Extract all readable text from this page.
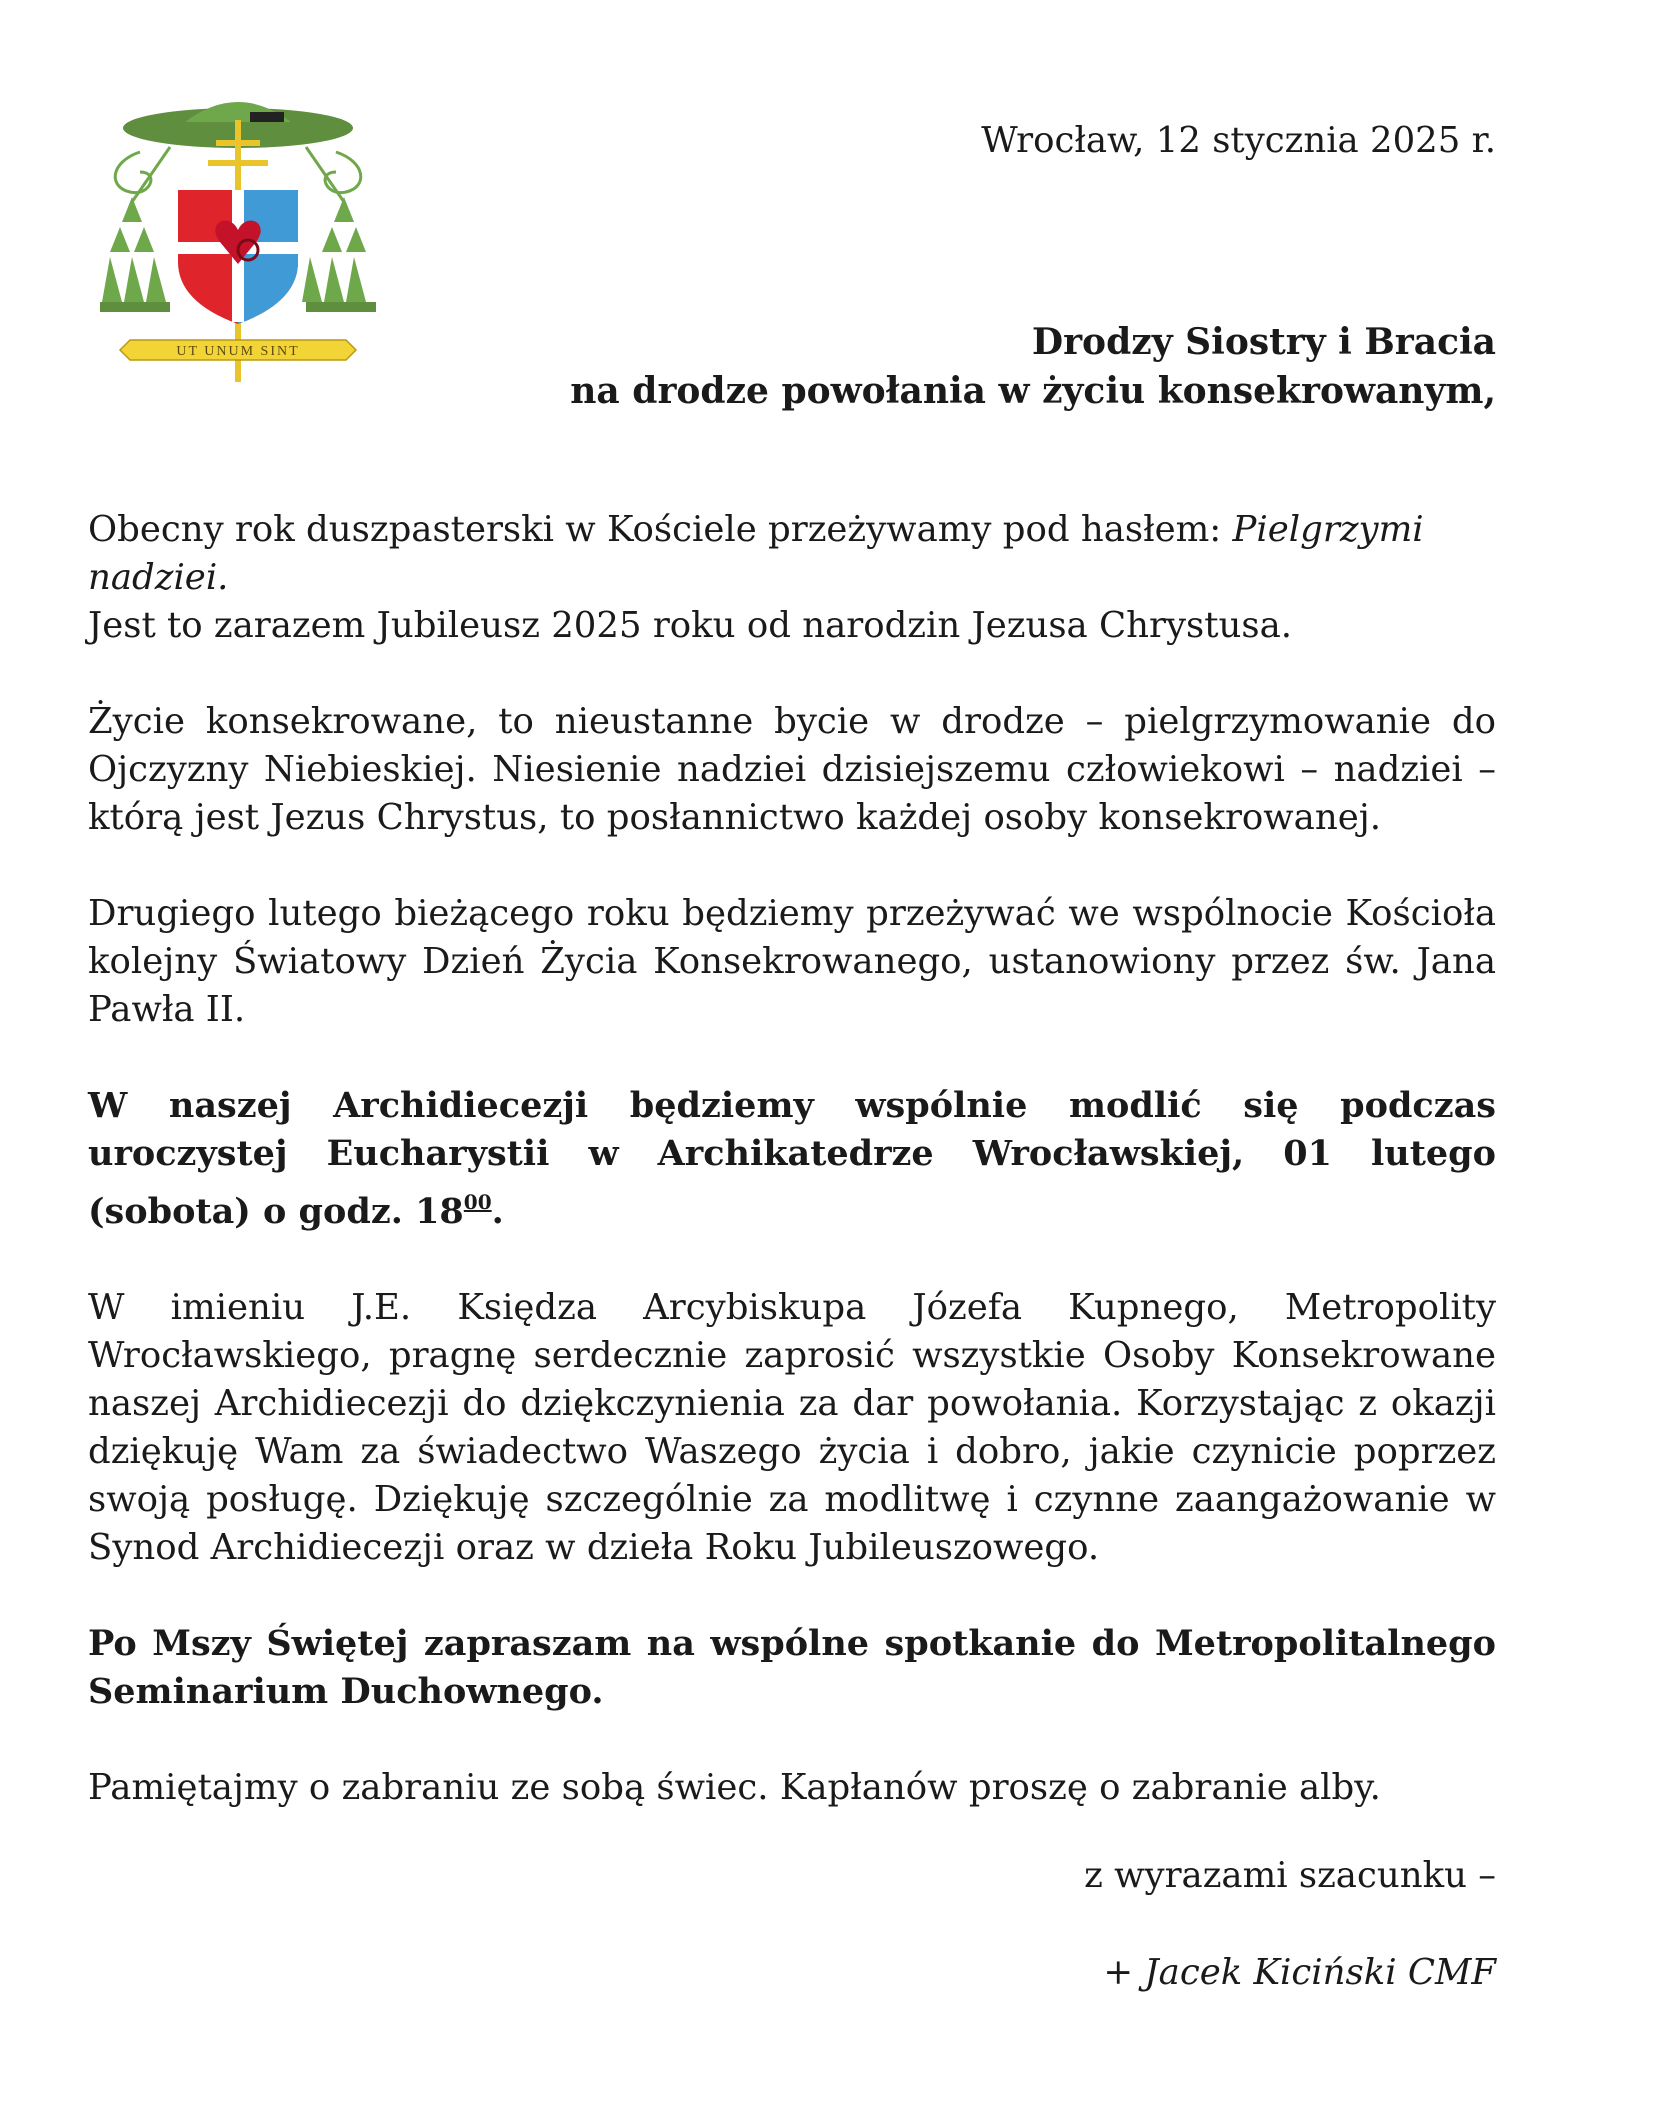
UT UNUM SINT
Wrocław, 12 stycznia 2025 r.
Drodzy Siostry i Bracia
na drodze powołania w życiu konsekrowanym,

Obecny rok duszpasterski w Kościele przeżywamy pod hasłem: Pielgrzymi nadziei.
Jest to zarazem Jubileusz 2025 roku od narodzin Jezusa Chrystusa.

Życie konsekrowane, to nieustanne bycie w drodze – pielgrzymowanie do Ojczyzny Niebieskiej. Niesienie nadziei dzisiejszemu człowiekowi – nadziei – którą jest Jezus Chrystus, to posłannictwo każdej osoby konsekrowanej.

Drugiego lutego bieżącego roku będziemy przeżywać we wspólnocie Kościoła kolejny Światowy Dzień Życia Konsekrowanego, ustanowiony przez św. Jana Pawła II.

W naszej Archidiecezji będziemy wspólnie modlić się podczas uroczystej Eucharystii w Archikatedrze Wrocławskiej, 01 lutego (sobota) o godz. $18^{00}$.

W imieniu J.E. Księdza Arcybiskupa Józefa Kupnego, Metropolity Wrocławskiego, pragnę serdecznie zaprosić wszystkie Osoby Konsekrowane naszej Archidiecezji do dziękczynienia za dar powołania. Korzystając z okazji dziękuję Wam za świadectwo Waszego życia i dobro, jakie czynicie poprzez swoją posługę. Dziękuję szczególnie za modlitwę i czynne zaangażowanie w Synod Archidiecezji oraz w dzieła Roku Jubileuszowego.

Po Mszy Świętej zapraszam na wspólne spotkanie do Metropolitalnego Seminarium Duchownego.

Pamiętajmy o zabraniu ze sobą świec. Kapłanów proszę o zabranie alby.

z wyrazami szacunku –
+ Jacek Kiciński CMF
